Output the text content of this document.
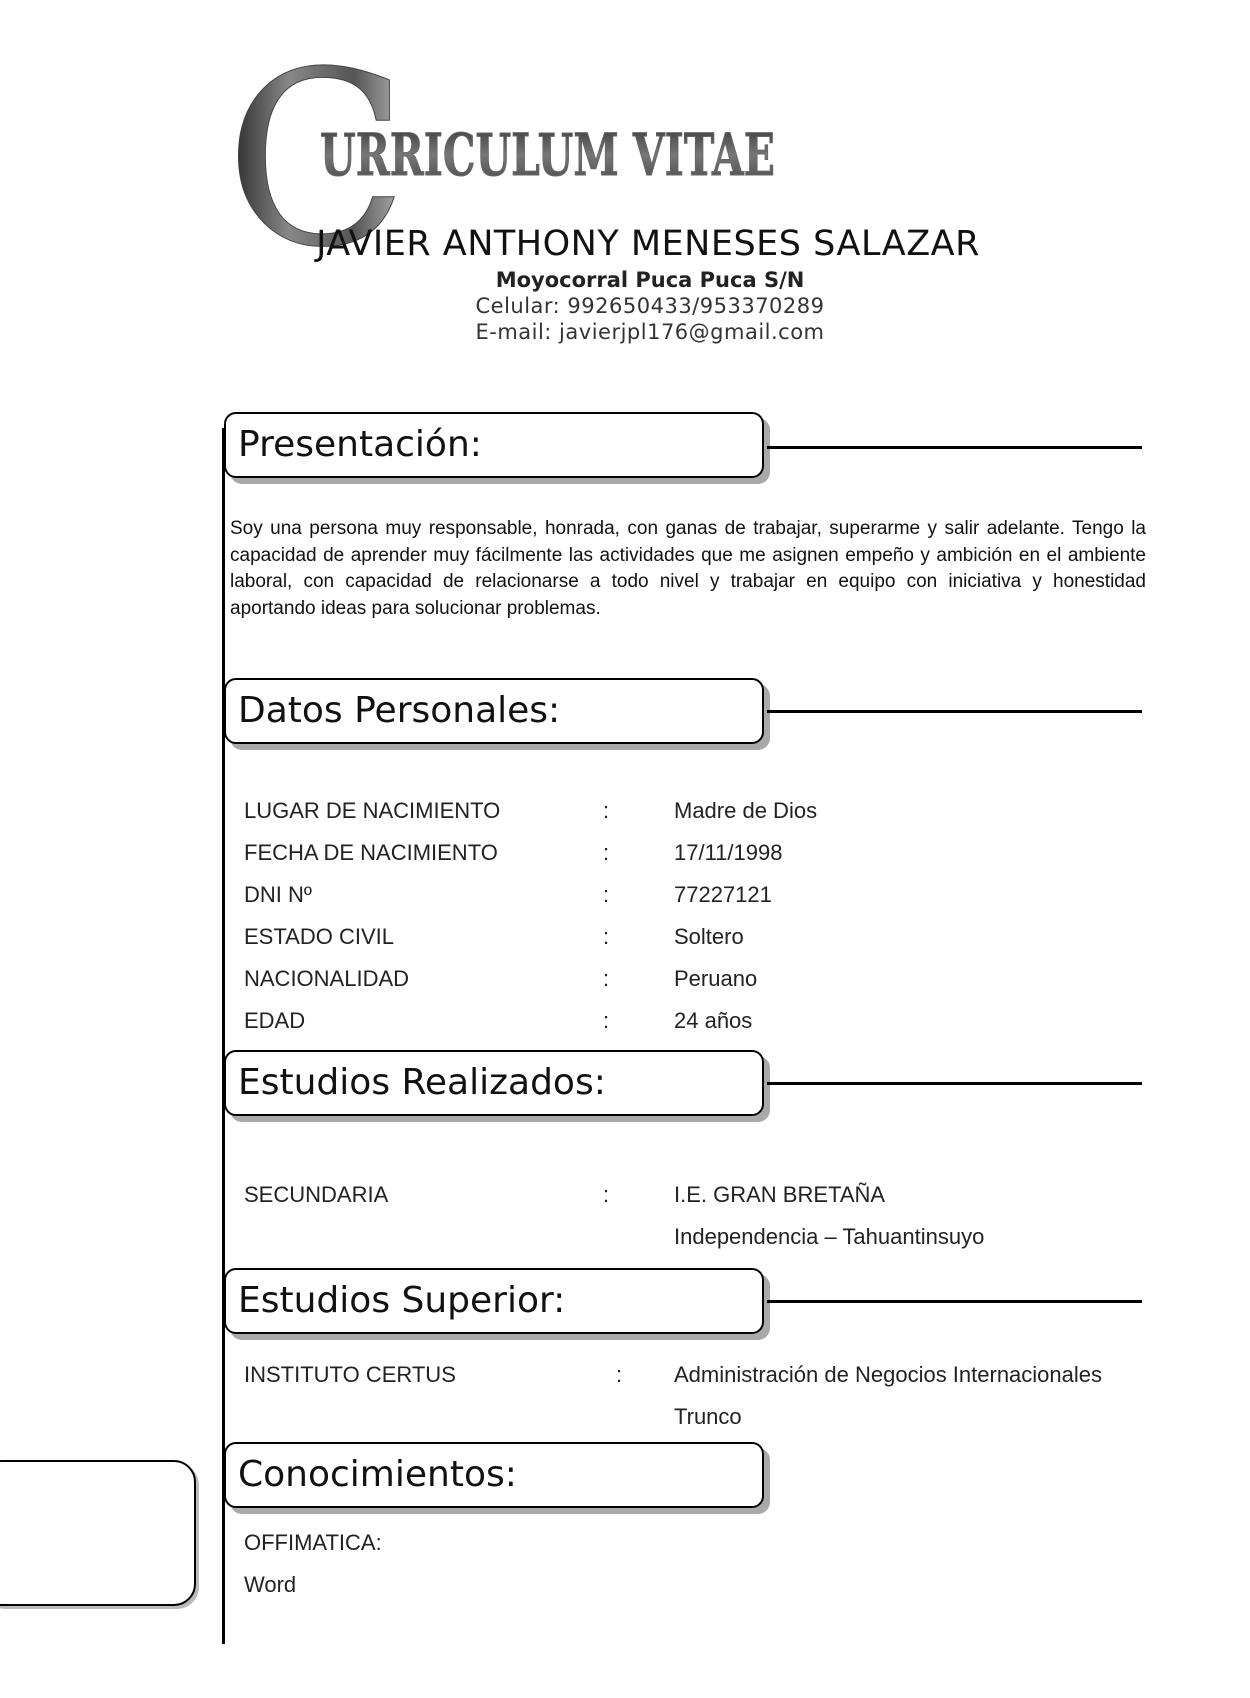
C
URRICULUM VITAE
JAVIER ANTHONY MENESES SALAZAR
Moyocorral Puca Puca S/N
Celular: 992650433/953370289
E-mail: javierjpl176@gmail.com
Presentación:
Soy una persona muy responsable, honrada, con ganas de trabajar, superarme y salir adelante. Tengo la capacidad de aprender muy fácilmente las actividades que me asignen empeño y ambición en el ambiente laboral, con capacidad de relacionarse a todo nivel y trabajar en equipo con iniciativa y honestidad aportando ideas para solucionar problemas.
Datos Personales:
LUGAR DE NACIMIENTO	:	Madre de Dios
FECHA DE NACIMIENTO	:	17/11/1998
DNI Nº	:	77227121
ESTADO CIVIL	:	Soltero
NACIONALIDAD	:	Peruano
EDAD	:	24 años
Estudios Realizados:
SECUNDARIA	:	I.E. GRAN BRETAÑA
Independencia – Tahuantinsuyo
Estudios Superior:
INSTITUTO CERTUS	: Administración de Negocios Internacionales
Trunco
Conocimientos:
OFFIMATICA:
Word
